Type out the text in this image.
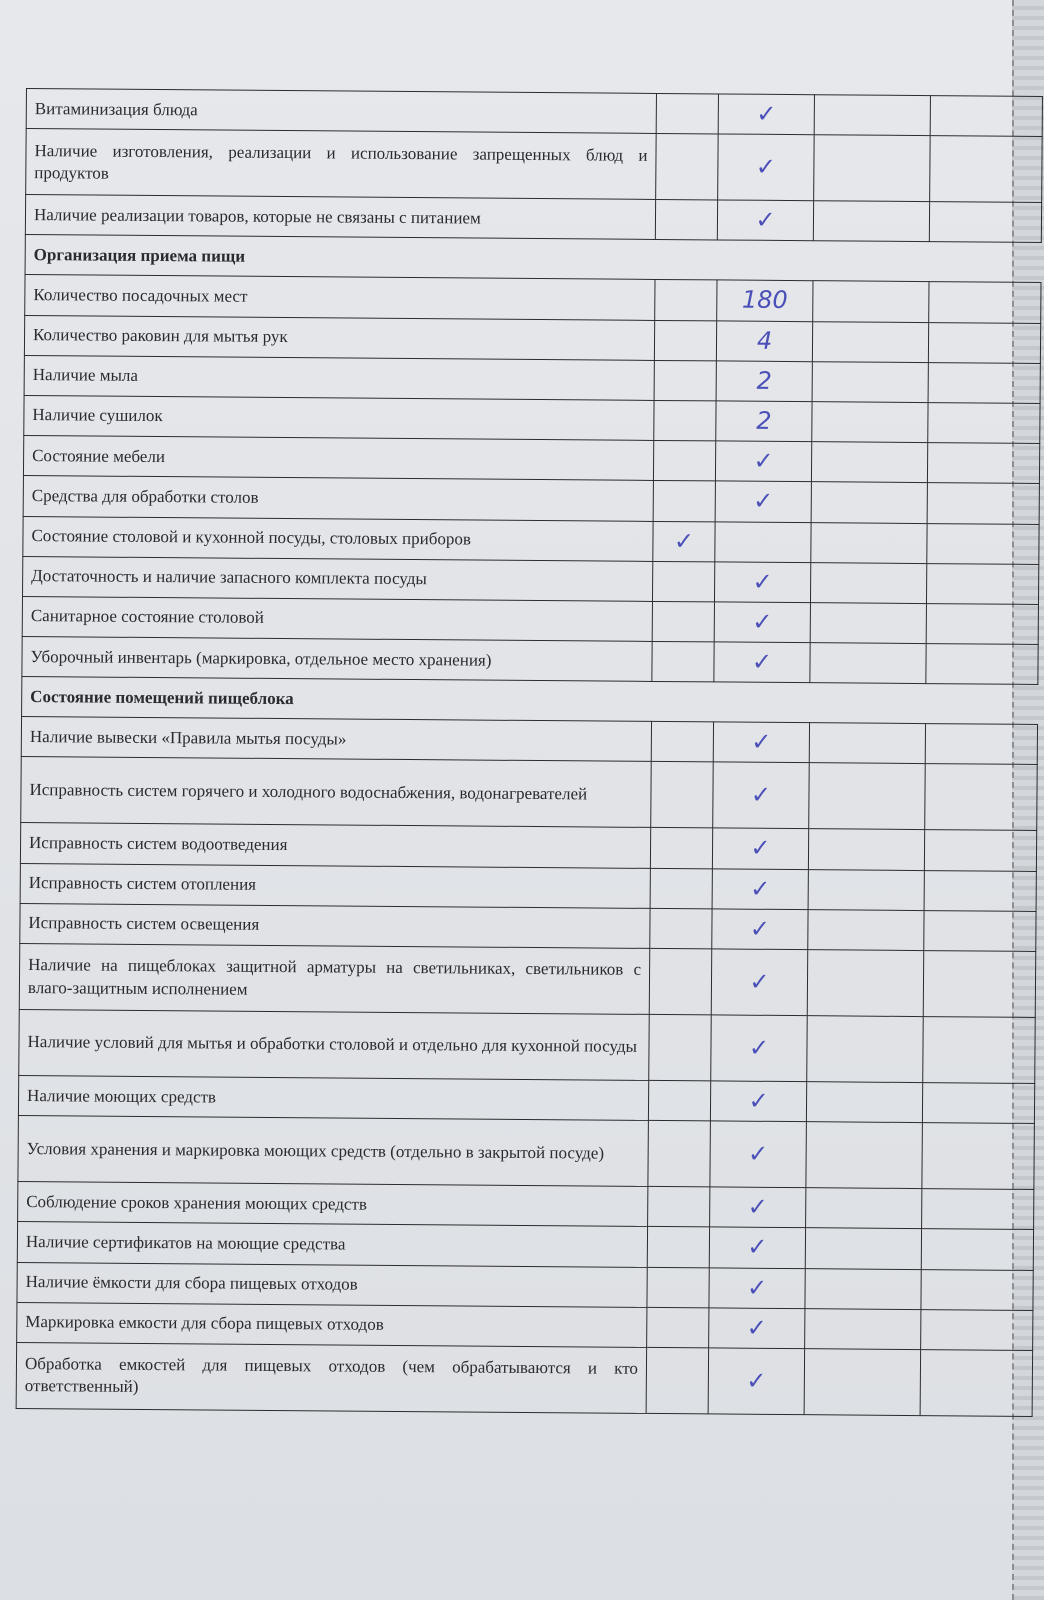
Витаминизация блюда		✓		
Наличие изготовления, реализации и использование запрещенных блюд и продуктов		✓		
Наличие реализации товаров, которые не связаны с питанием		✓		
Организация приема пищи				
Количество посадочных мест		180		
Количество раковин для мытья рук		4		
Наличие мыла		2		
Наличие сушилок		2		
Состояние мебели		✓		
Средства для обработки столов		✓		
Состояние столовой и кухонной посуды, столовых приборов	✓			
Достаточность и наличие запасного комплекта посуды		✓		
Санитарное состояние столовой		✓		
Уборочный инвентарь (маркировка, отдельное место хранения)		✓		
Состояние помещений пищеблока				
Наличие вывески «Правила мытья посуды»		✓		
Исправность систем горячего и холодного водоснабжения, водонагревателей		✓		
Исправность систем водоотведения		✓		
Исправность систем отопления		✓		
Исправность систем освещения		✓		
Наличие на пищеблоках защитной арматуры на светильниках, светильников с влаго-защитным исполнением		✓		
Наличие условий для мытья и обработки столовой и отдельно для кухонной посуды		✓		
Наличие моющих средств		✓		
Условия хранения и маркировка моющих средств (отдельно в закрытой посуде)		✓		
Соблюдение сроков хранения моющих средств		✓		
Наличие сертификатов на моющие средства		✓		
Наличие ёмкости для сбора пищевых отходов		✓		
Маркировка емкости для сбора пищевых отходов		✓		
Обработка емкостей для пищевых отходов (чем обрабатываются и кто ответственный)		✓		
